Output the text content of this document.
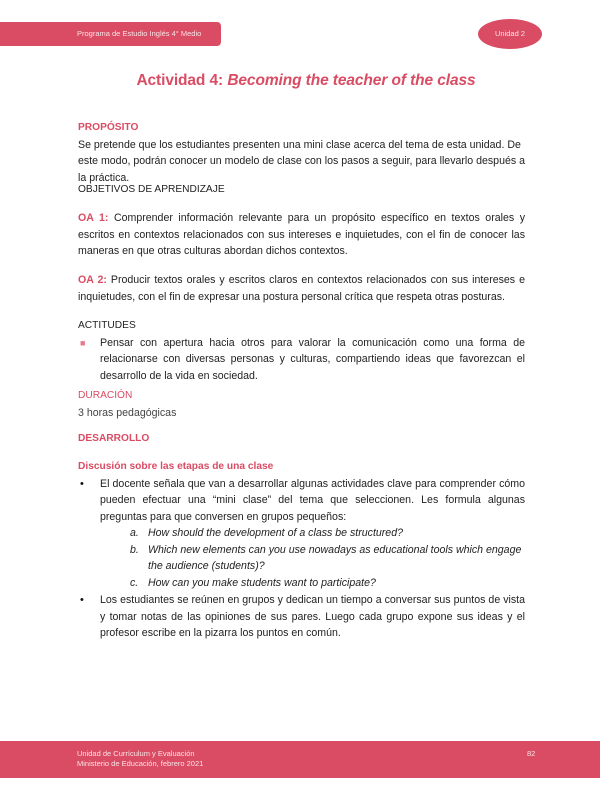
Programa de Estudio Inglés 4° Medio	Unidad 2
Actividad 4: Becoming the teacher of the class
PROPÓSITO

Se pretende que los estudiantes presenten una mini clase acerca del tema de esta unidad. De este modo, podrán conocer un modelo de clase con los pasos a seguir, para llevarlo después a la práctica.

OBJETIVOS DE APRENDIZAJE
OA 1: Comprender información relevante para un propósito específico en textos orales y escritos en contextos relacionados con sus intereses e inquietudes, con el fin de conocer las maneras en que otras culturas abordan dichos contextos.
OA 2: Producir textos orales y escritos claros en contextos relacionados con sus intereses e inquietudes, con el fin de expresar una postura personal crítica que respeta otras posturas.
ACTITUDES
■ Pensar con apertura hacia otros para valorar la comunicación como una forma de relacionarse con diversas personas y culturas, compartiendo ideas que favorezcan el desarrollo de la vida en sociedad.
DURACIÓN
3 horas pedagógicas
DESARROLLO
Discusión sobre las etapas de una clase
• El docente señala que van a desarrollar algunas actividades clave para comprender cómo pueden efectuar una “mini clase” del tema que seleccionen. Les formula algunas preguntas para que conversen en grupos pequeños:
a. How should the development of a class be structured?
b. Which new elements can you use nowadays as educational tools which engage the audience (students)?
c. How can you make students want to participate?
• Los estudiantes se reúnen en grupos y dedican un tiempo a conversar sus puntos de vista y tomar notas de las opiniones de sus pares. Luego cada grupo expone sus ideas y el profesor escribe en la pizarra los puntos en común.
Unidad de Currículum y Evaluación
Ministerio de Educación, febrero 2021
82
